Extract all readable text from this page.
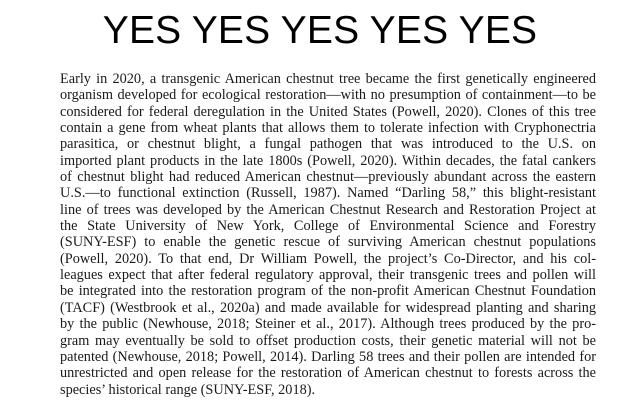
YES YES YES YES YES
Early in 2020, a transgenic American chestnut tree became the first genetically engineered
organism developed for ecological restoration—with no presumption of containment—to be
considered for federal deregulation in the United States (Powell, 2020). Clones of this tree
contain a gene from wheat plants that allows them to tolerate infection with Cryphonectria
parasitica, or chestnut blight, a fungal pathogen that was introduced to the U.S. on
imported plant products in the late 1800s (Powell, 2020). Within decades, the fatal cankers
of chestnut blight had reduced American chestnut—previously abundant across the eastern
U.S.—to functional extinction (Russell, 1987). Named “Darling 58,” this blight-resistant
line of trees was developed by the American Chestnut Research and Restoration Project at
the State University of New York, College of Environmental Science and Forestry
(SUNY-ESF) to enable the genetic rescue of surviving American chestnut populations
(Powell, 2020). To that end, Dr William Powell, the project’s Co-Director, and his col-
leagues expect that after federal regulatory approval, their transgenic trees and pollen will
be integrated into the restoration program of the non-profit American Chestnut Foundation
(TACF) (Westbrook et al., 2020a) and made available for widespread planting and sharing
by the public (Newhouse, 2018; Steiner et al., 2017). Although trees produced by the pro-
gram may eventually be sold to offset production costs, their genetic material will not be
patented (Newhouse, 2018; Powell, 2014). Darling 58 trees and their pollen are intended for
unrestricted and open release for the restoration of American chestnut to forests across the
species’ historical range (SUNY-ESF, 2018).
